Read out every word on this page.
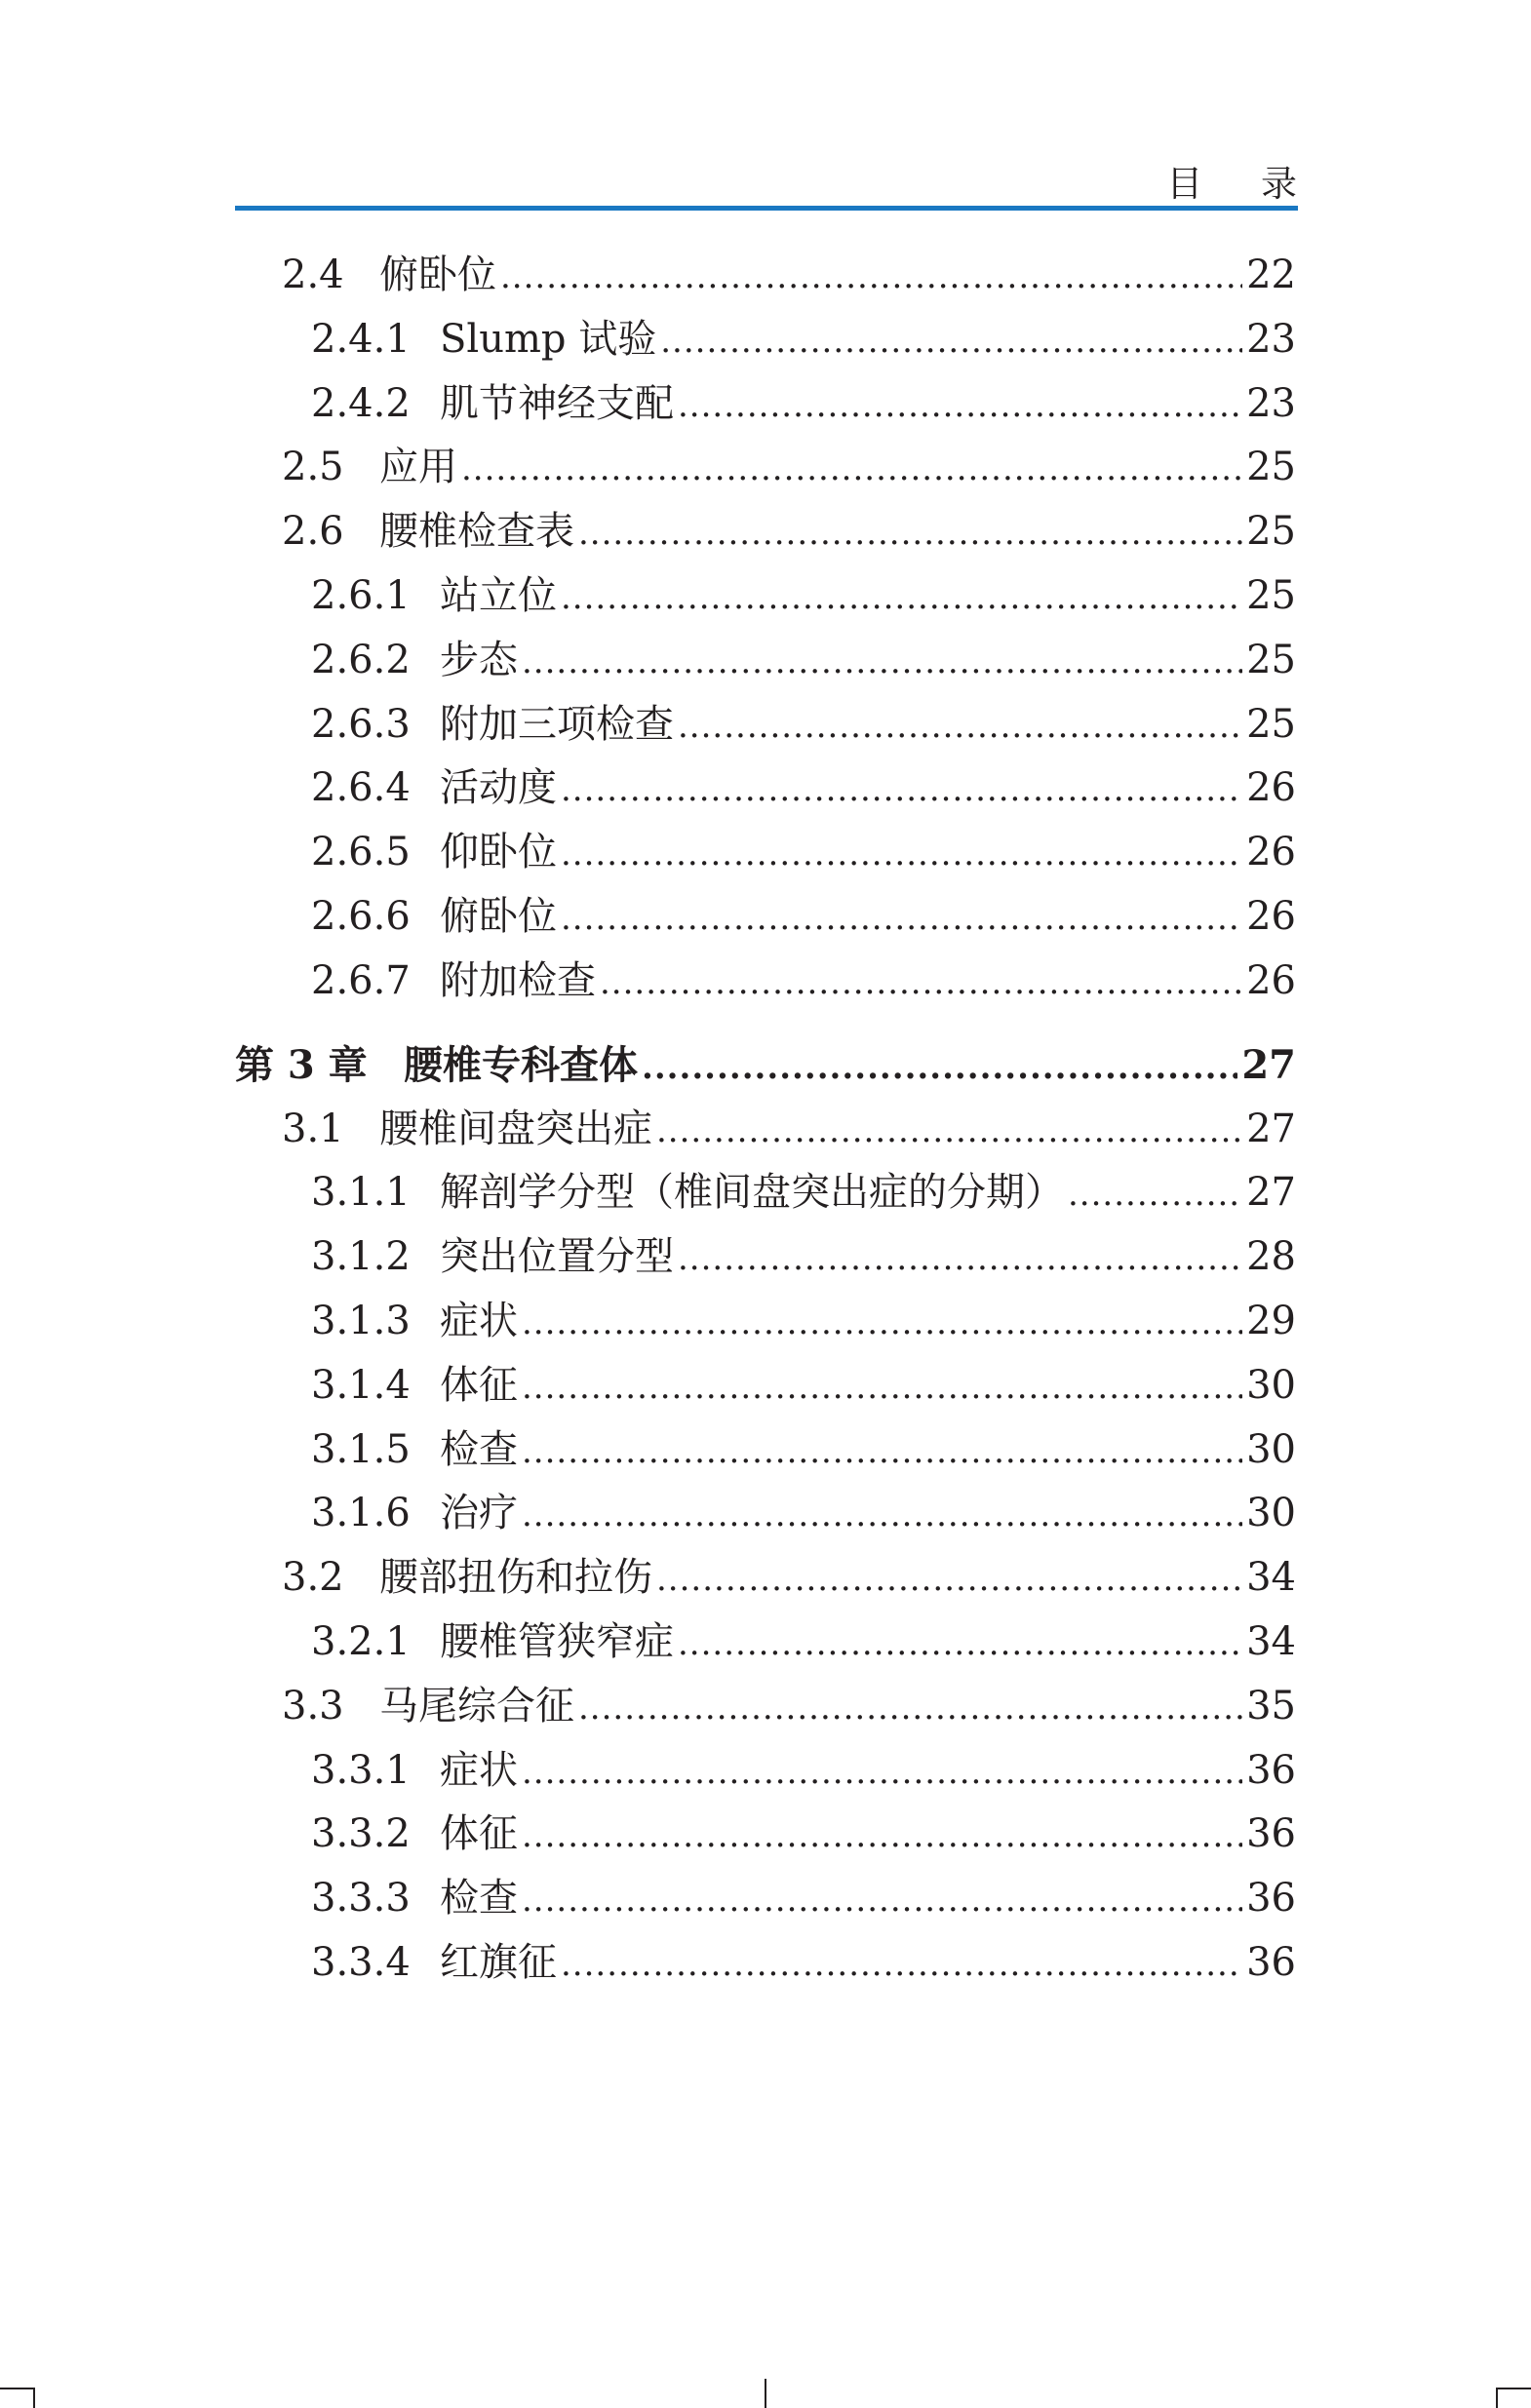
目 录
2.4 俯卧位 .....	22
2.4.1 Slump 试验 .....	23
2.4.2 肌节神经支配 .....	23
2.5 应用 .....	25
2.6 腰椎检查表 .....	25
2.6.1 站立位 .....	25
2.6.2 步态 .....	25
2.6.3 附加三项检查 .....	25
2.6.4 活动度 .....	26
2.6.5 仰卧位 .....	26
2.6.6 俯卧位 .....	26
2.6.7 附加检查 .....	26
第 3 章 腰椎专科查体 .....	27
3.1 腰椎间盘突出症 .....	27
3.1.1 解剖学分型（椎间盘突出症的分期） .....	27
3.1.2 突出位置分型 .....	28
3.1.3 症状 .....	29
3.1.4 体征 .....	30
3.1.5 检查 .....	30
3.1.6 治疗 .....	30
3.2 腰部扭伤和拉伤 .....	34
3.2.1 腰椎管狭窄症 .....	34
3.3 马尾综合征 .....	35
3.3.1 症状 .....	36
3.3.2 体征 .....	36
3.3.3 检查 .....	36
3.3.4 红旗征 .....	36
